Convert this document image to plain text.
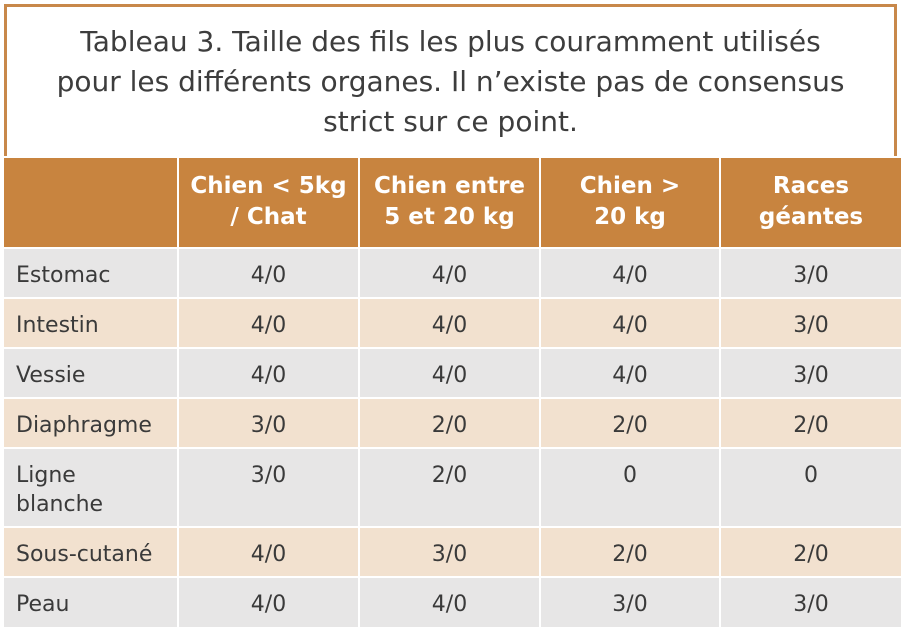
Tableau 3. Taille des fils les plus couramment utilisés
pour les différents organes. Il n’existe pas de consensus
strict sur ce point.

	Chien < 5kg
/ Chat	Chien entre
5 et 20 kg	Chien >
20 kg	Races
géantes

Estomac	4/0	4/0	4/0	3/0

Intestin	4/0	4/0	4/0	3/0

Vessie	4/0	4/0	4/0	3/0

Diaphragme	3/0	2/0	2/0	2/0

Ligne
blanche	3/0	2/0	0	0

Sous-cutané	4/0	3/0	2/0	2/0

Peau	4/0	4/0	3/0	3/0
